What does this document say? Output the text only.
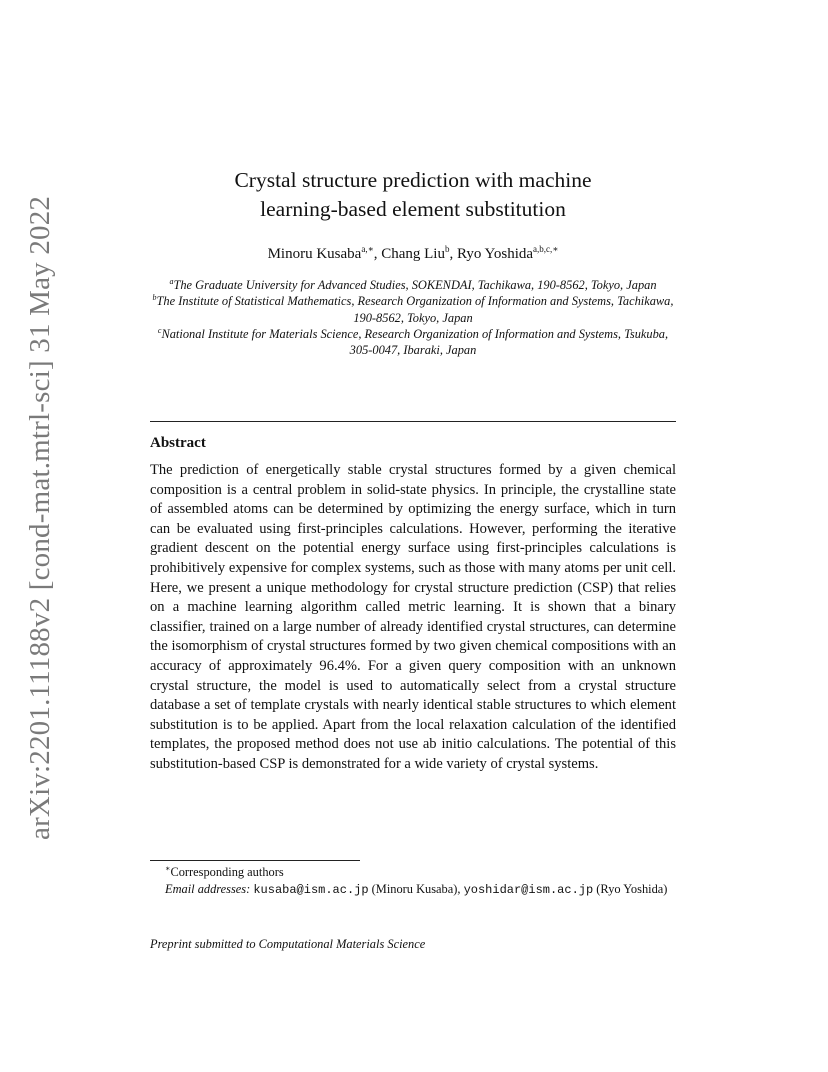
arXiv:2201.11188v2 [cond-mat.mtrl-sci] 31 May 2022
Crystal structure prediction with machine
learning-based element substitution
Minoru Kusaba$^{a,∗}$, Chang Liu$^b$, Ryo Yoshida$^{a,b,c,∗}$
$^a$The Graduate University for Advanced Studies, SOKENDAI, Tachikawa, 190-8562, Tokyo, Japan
$^b$The Institute of Statistical Mathematics, Research Organization of Information and Systems, Tachikawa, 190-8562, Tokyo, Japan
$^c$National Institute for Materials Science, Research Organization of Information and Systems, Tsukuba, 305-0047, Ibaraki, Japan
Abstract

The prediction of energetically stable crystal structures formed by a given chemical composition is a central problem in solid-state physics. In principle, the crystalline state of assembled atoms can be determined by optimizing the energy surface, which in turn can be evaluated using first-principles calculations. However, performing the iterative gradient descent on the potential energy surface using first-principles calculations is prohibitively expensive for complex systems, such as those with many atoms per unit cell. Here, we present a unique methodology for crystal structure prediction (CSP) that relies on a machine learning algorithm called metric learning. It is shown that a binary classifier, trained on a large number of already identified crystal structures, can determine the isomorphism of crystal structures formed by two given chemical compositions with an accuracy of approximately 96.4%. For a given query composition with an unknown crystal structure, the model is used to automatically select from a crystal structure database a set of template crystals with nearly identical stable structures to which element substitution is to be applied. Apart from the local relaxation calculation of the identified templates, the proposed method does not use ab initio calculations. The potential of this substitution-based CSP is demonstrated for a wide variety of crystal systems.

∗Corresponding authors
Email addresses: kusaba@ism.ac.jp (Minoru Kusaba), yoshidar@ism.ac.jp (Ryo Yoshida)
Preprint submitted to Computational Materials Science
